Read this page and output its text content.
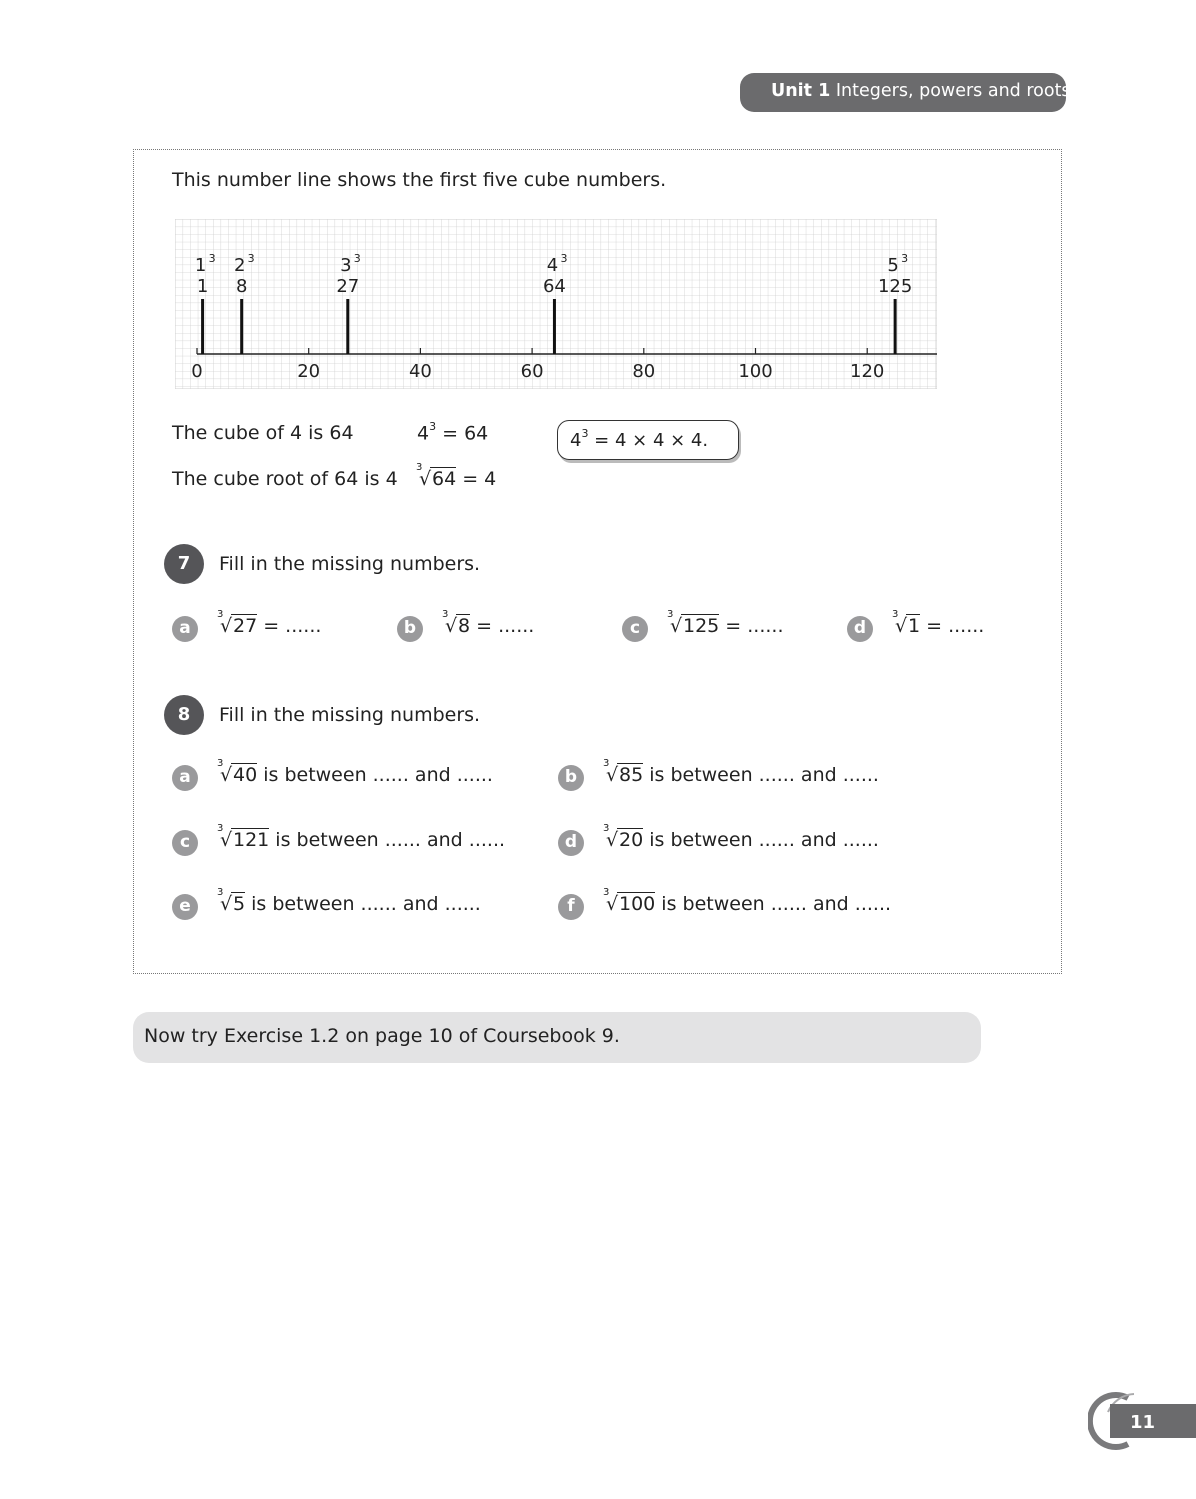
Unit 1 Integers, powers and roots
This number line shows the first five cube numbers.
0	20	40	60	80	100	120
1
1 3
8
2 3
27
3 3
64
4 3
125
5 3
The cube of 4 is 64	$4^3 = 64$	$4^3 = 4 \times 4 \times 4$.
The cube root of 64 is 4
3
√ 64 = 4
7	Fill in the missing numbers.
a
3
√ 27 = ......	b
3
√ 8 = ......	c
3
√ 125 = ......	d
3
√ 1 = ......
8	Fill in the missing numbers.
a
3
√ 40 is between ...... and ......	b
3
√ 85 is between ...... and ......
c
3
√ 121 is between ...... and ......	d
3
√ 20 is between ...... and ......
e
3
√ 5 is between ...... and ......	f
3
√ 100 is between ...... and ......
Now try Exercise 1.2 on page 10 of Coursebook 9.
11
